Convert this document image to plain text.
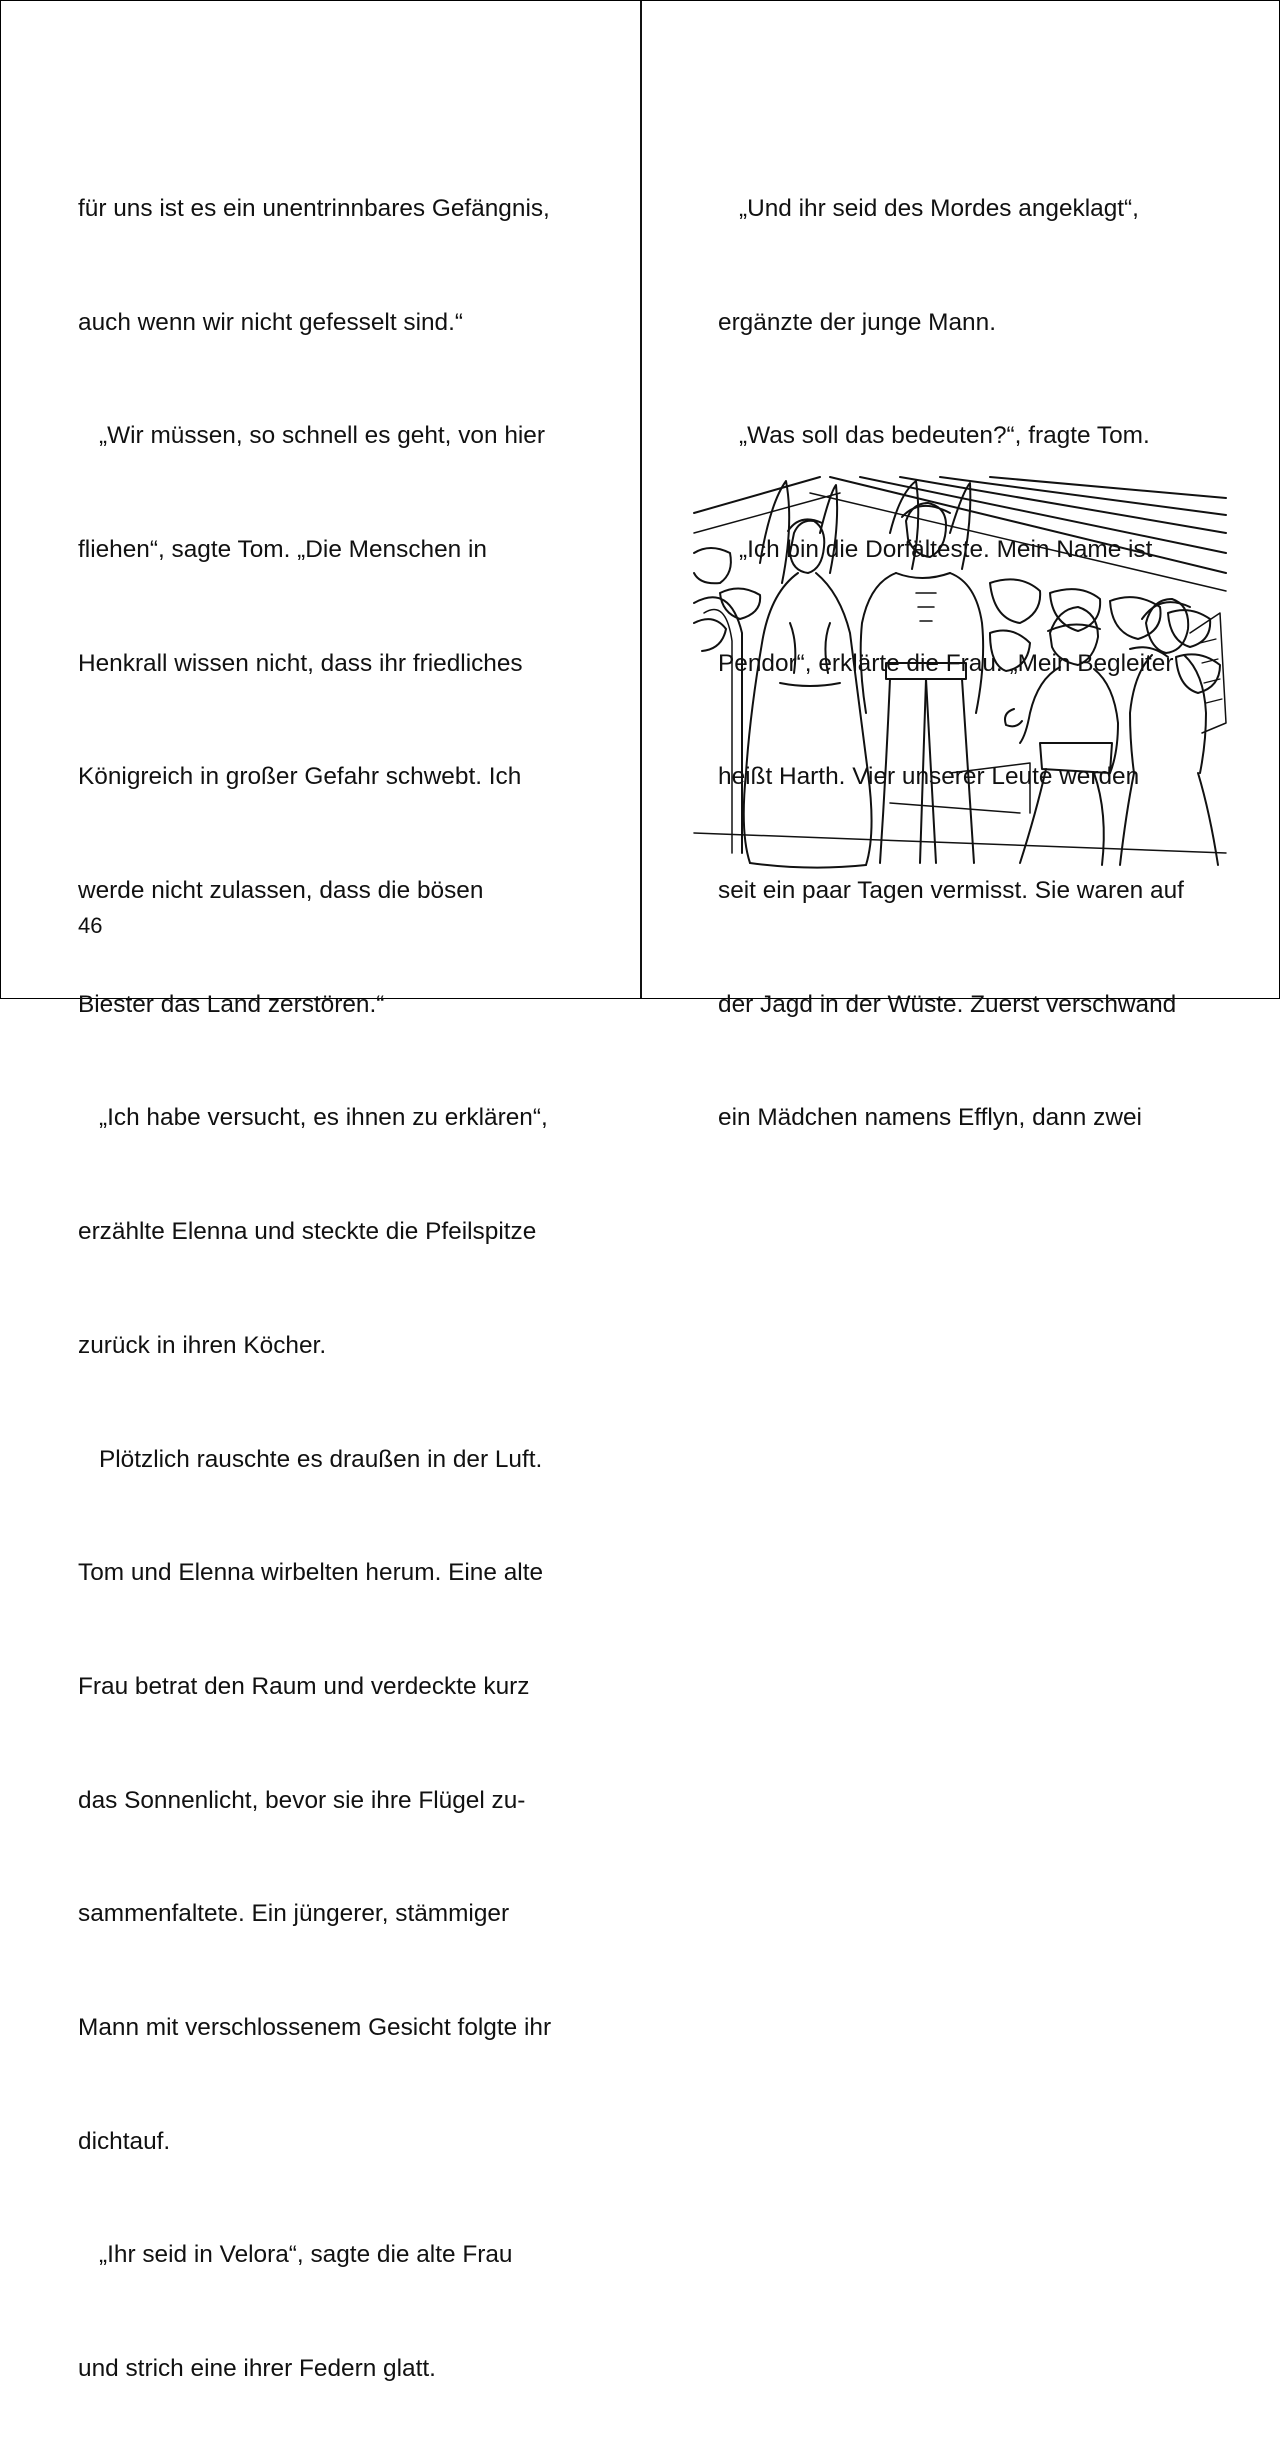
für uns ist es ein unentrinnbares Gefängnis,

auch wenn wir nicht gefesselt sind.“

„Wir müssen, so schnell es geht, von hier

fliehen“, sagte Tom. „Die Menschen in

Henkrall wissen nicht, dass ihr friedliches

Königreich in großer Gefahr schwebt. Ich

werde nicht zulassen, dass die bösen

Biester das Land zerstören.“

„Ich habe versucht, es ihnen zu erklären“,

erzählte Elenna und steckte die Pfeilspitze

zurück in ihren Köcher.

Plötzlich rauschte es draußen in der Luft.

Tom und Elenna wirbelten herum. Eine alte

Frau betrat den Raum und verdeckte kurz

das Sonnenlicht, bevor sie ihre Flügel zu-

sammenfaltete. Ein jüngerer, stämmiger

Mann mit verschlossenem Gesicht folgte ihr

dichtauf.

„Ihr seid in Velora“, sagte die alte Frau

und strich eine ihrer Federn glatt.

46

„Und ihr seid des Mordes angeklagt“,

ergänzte der junge Mann.

„Was soll das bedeuten?“, fragte Tom.

„Ich bin die Dorfälteste. Mein Name ist

Pendor“, erklärte die Frau. „Mein Begleiter

heißt Harth. Vier unserer Leute werden

seit ein paar Tagen vermisst. Sie waren auf

der Jagd in der Wüste. Zuerst verschwand

ein Mädchen namens Efflyn, dann zwei
